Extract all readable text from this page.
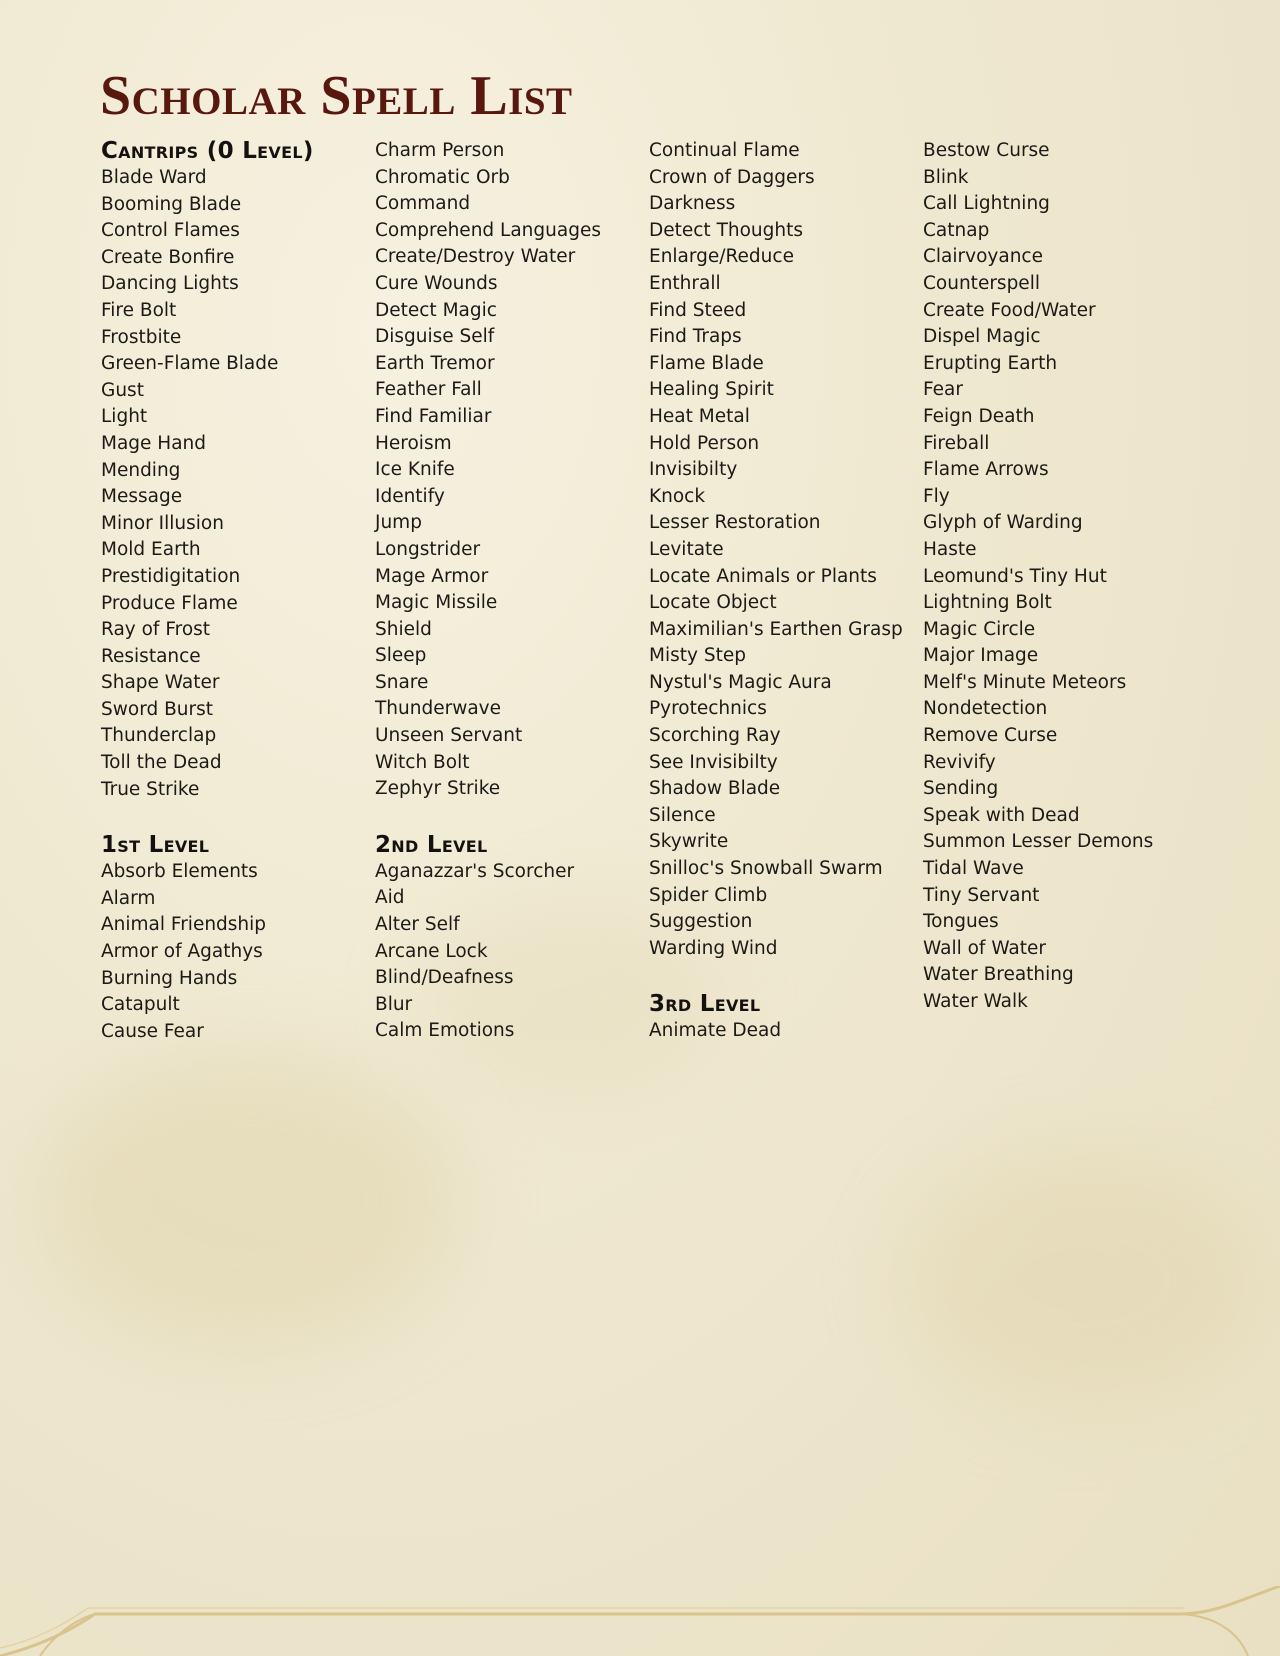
Scholar Spell List
Cantrips (0 Level)
Blade Ward
Booming Blade
Control Flames
Create Bonfire
Dancing Lights
Fire Bolt
Frostbite
Green-Flame Blade
Gust
Light
Mage Hand
Mending
Message
Minor Illusion
Mold Earth
Prestidigitation
Produce Flame
Ray of Frost
Resistance
Shape Water
Sword Burst
Thunderclap
Toll the Dead
True Strike
1st Level
Absorb Elements
Alarm
Animal Friendship
Armor of Agathys
Burning Hands
Catapult
Cause Fear
Charm Person
Chromatic Orb
Command
Comprehend Languages
Create/Destroy Water
Cure Wounds
Detect Magic
Disguise Self
Earth Tremor
Feather Fall
Find Familiar
Heroism
Ice Knife
Identify
Jump
Longstrider
Mage Armor
Magic Missile
Shield
Sleep
Snare
Thunderwave
Unseen Servant
Witch Bolt
Zephyr Strike
2nd Level
Aganazzar's Scorcher
Aid
Alter Self
Arcane Lock
Blind/Deafness
Blur
Calm Emotions
Continual Flame
Crown of Daggers
Darkness
Detect Thoughts
Enlarge/Reduce
Enthrall
Find Steed
Find Traps
Flame Blade
Healing Spirit
Heat Metal
Hold Person
Invisibilty
Knock
Lesser Restoration
Levitate
Locate Animals or Plants
Locate Object
Maximilian's Earthen Grasp
Misty Step
Nystul's Magic Aura
Pyrotechnics
Scorching Ray
See Invisibilty
Shadow Blade
Silence
Skywrite
Snilloc's Snowball Swarm
Spider Climb
Suggestion
Warding Wind
3rd Level
Animate Dead
Bestow Curse
Blink
Call Lightning
Catnap
Clairvoyance
Counterspell
Create Food/Water
Dispel Magic
Erupting Earth
Fear
Feign Death
Fireball
Flame Arrows
Fly
Glyph of Warding
Haste
Leomund's Tiny Hut
Lightning Bolt
Magic Circle
Major Image
Melf's Minute Meteors
Nondetection
Remove Curse
Revivify
Sending
Speak with Dead
Summon Lesser Demons
Tidal Wave
Tiny Servant
Tongues
Wall of Water
Water Breathing
Water Walk
